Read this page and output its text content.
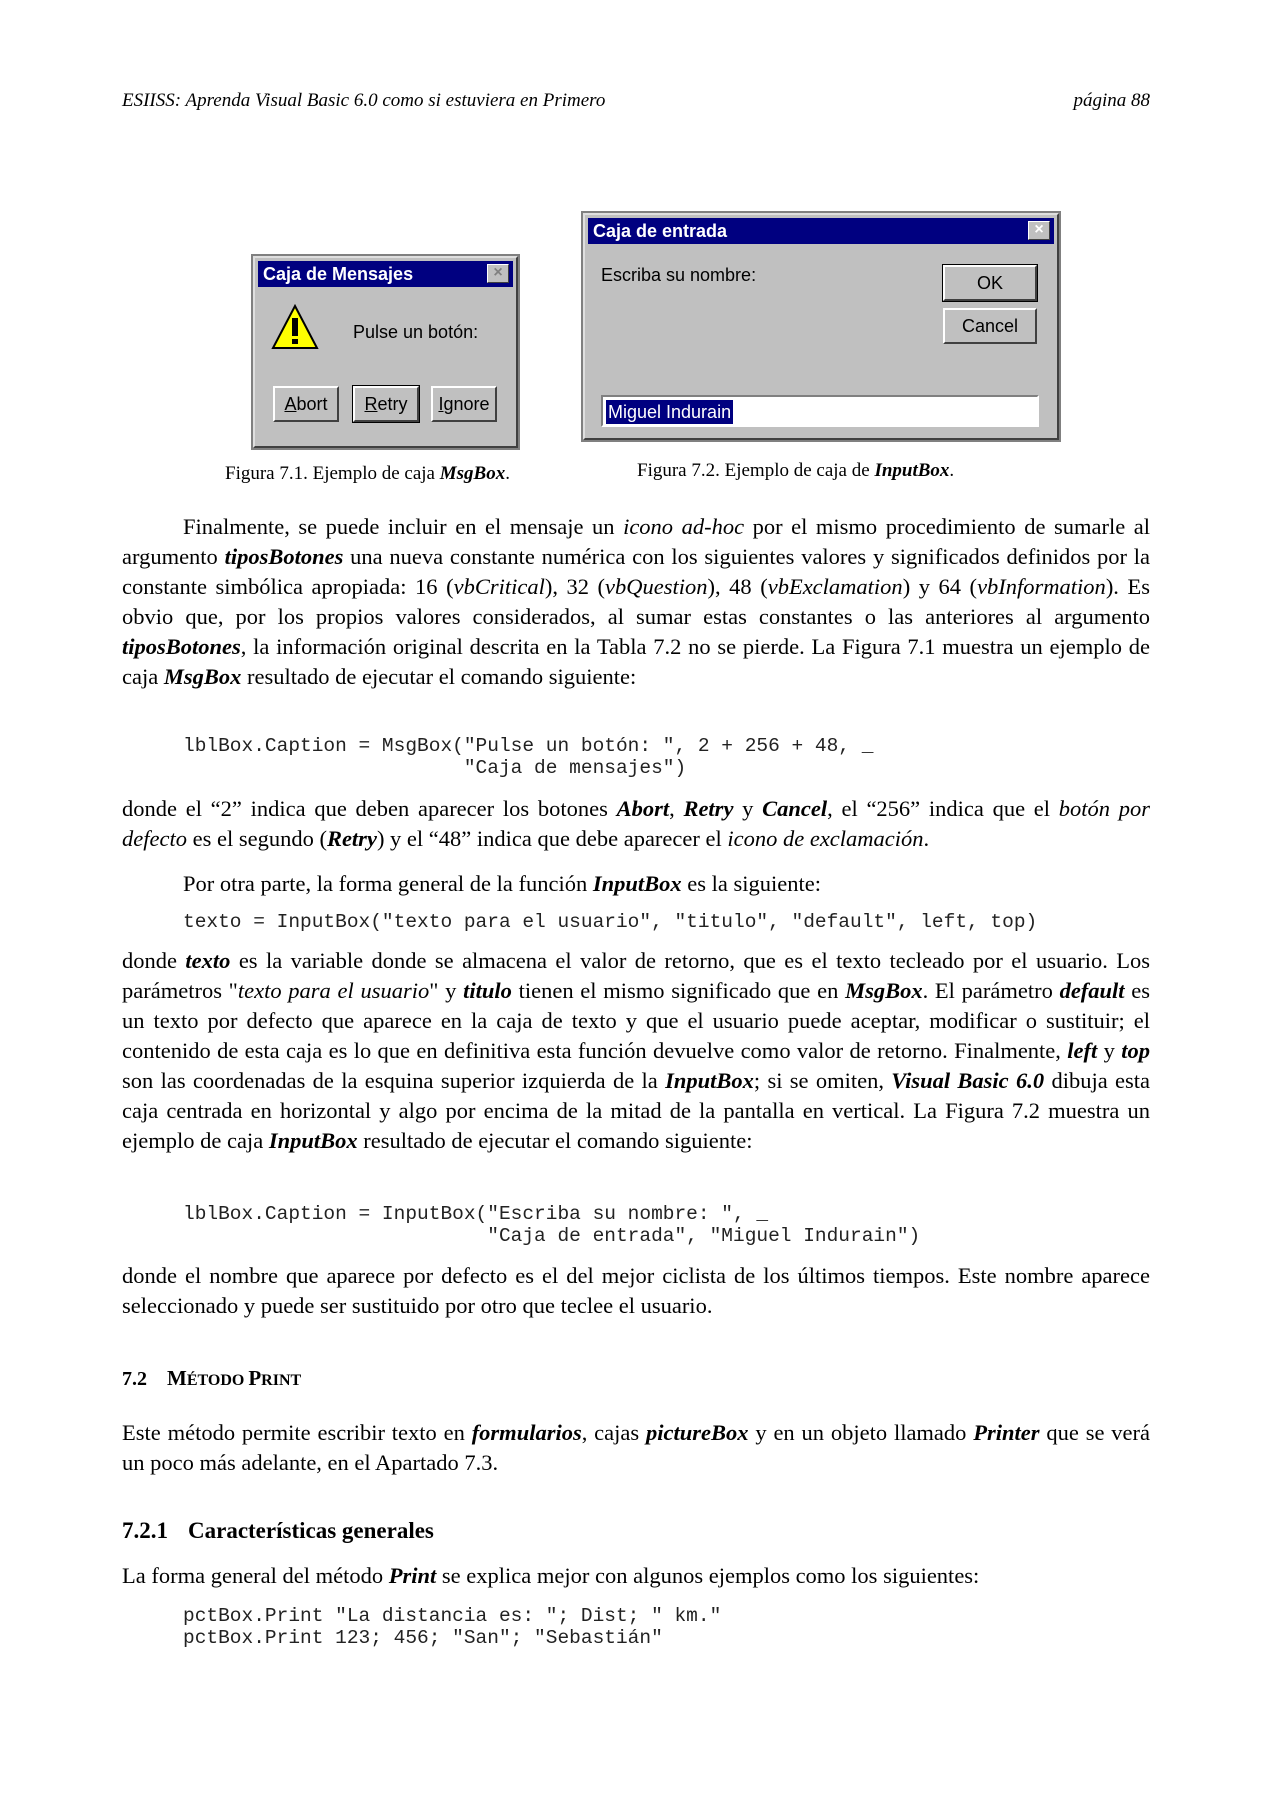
ESIISS: Aprenda Visual Basic 6.0 como si estuviera en Primero	página 88
Caja de Mensajes	×
Pulse un botón:
Abort	Retry	Ignore
Caja de entrada	×
Escriba su nombre:	OK
Cancel
Miguel Indurain
Figura 7.1. Ejemplo de caja MsgBox.	Figura 7.2. Ejemplo de caja de InputBox.
Finalmente, se puede incluir en el mensaje un icono ad-hoc por el mismo procedimiento de sumarle al argumento tiposBotones una nueva constante numérica con los siguientes valores y significados definidos por la constante simbólica apropiada: 16 (vbCritical), 32 (vbQuestion), 48 (vbExclamation) y 64 (vbInformation). Es obvio que, por los propios valores considerados, al sumar estas constantes o las anteriores al argumento tiposBotones, la información original descrita en la Tabla 7.2 no se pierde. La Figura 7.1 muestra un ejemplo de caja MsgBox resultado de ejecutar el comando siguiente:
lblBox.Caption = MsgBox("Pulse un botón: ", 2 + 256 + 48, _
"Caja de mensajes")
donde el “2” indica que deben aparecer los botones Abort, Retry y Cancel, el “256” indica que el botón por defecto es el segundo (Retry) y el “48” indica que debe aparecer el icono de exclamación.
Por otra parte, la forma general de la función InputBox es la siguiente:
texto = InputBox("texto para el usuario", "titulo", "default", left, top)
donde texto es la variable donde se almacena el valor de retorno, que es el texto tecleado por el usuario. Los parámetros "texto para el usuario" y titulo tienen el mismo significado que en MsgBox. El parámetro default es un texto por defecto que aparece en la caja de texto y que el usuario puede aceptar, modificar o sustituir; el contenido de esta caja es lo que en definitiva esta función devuelve como valor de retorno. Finalmente, left y top son las coordenadas de la esquina superior izquierda de la InputBox; si se omiten, Visual Basic 6.0 dibuja esta caja centrada en horizontal y algo por encima de la mitad de la pantalla en vertical. La Figura 7.2 muestra un ejemplo de caja InputBox resultado de ejecutar el comando siguiente:
lblBox.Caption = InputBox("Escriba su nombre: ", _
"Caja de entrada", "Miguel Indurain")
donde el nombre que aparece por defecto es el del mejor ciclista de los últimos tiempos. Este nombre aparece seleccionado y puede ser sustituido por otro que teclee el usuario.
7.2 MÉTODO PRINT
Este método permite escribir texto en formularios, cajas pictureBox y en un objeto llamado Printer que se verá un poco más adelante, en el Apartado 7.3.
7.2.1 Características generales
La forma general del método Print se explica mejor con algunos ejemplos como los siguientes:
pctBox.Print "La distancia es: "; Dist; " km."
pctBox.Print 123; 456; "San"; "Sebastián"
